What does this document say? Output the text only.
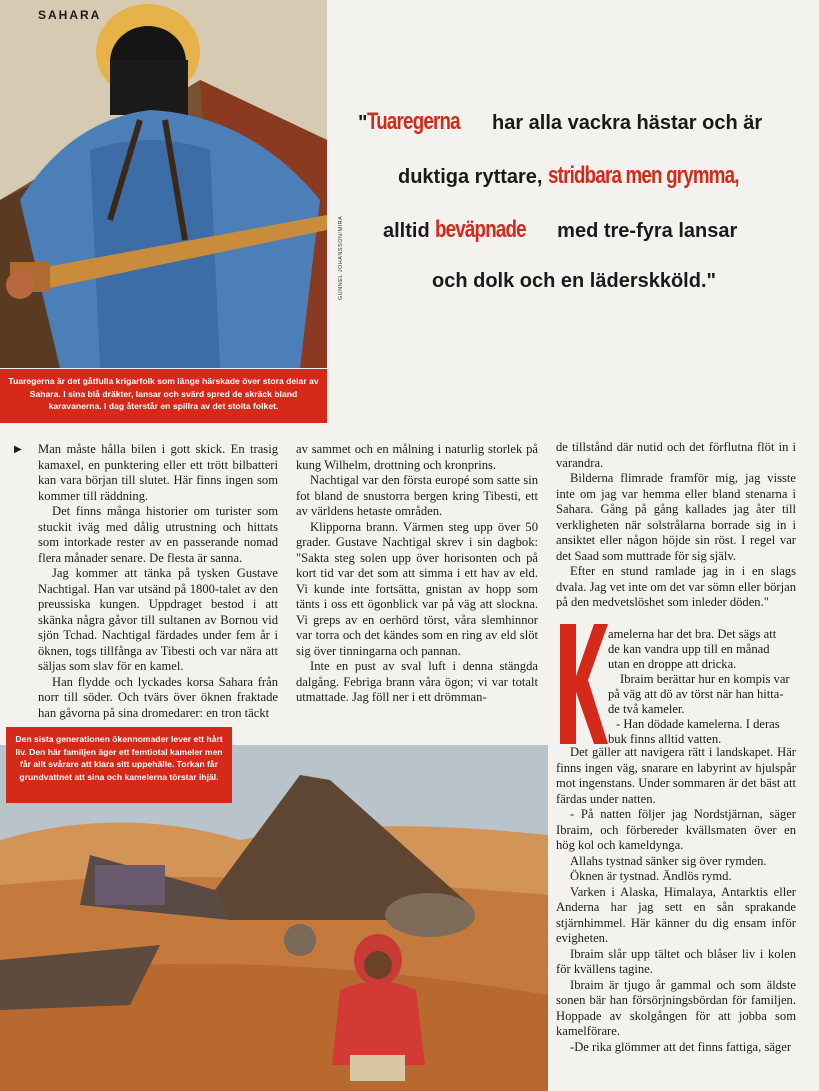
SAHARA
GUNNEL JOHANSSON/MIRA
Tuaregerna är det gåtfulla krigarfolk som länge härskade över stora delar av Sahara. I sina blå dräkter, lansar och svärd spred de skräck bland karavanerna. I dag återstår en spillra av det stolta folket.
"Tuaregerna har alla vackra hästar och är
duktiga ryttare, stridbara men grymma,
alltid beväpnade med tre-fyra lansar
och dolk och en läderskköld."
▶ Man måste hålla bilen i gott skick. En trasig kamaxel, en punktering eller ett trött bilbatteri kan vara början till slutet. Här finns ingen som kommer till räddning.

Det finns många historier om turister som stuckit iväg med dålig utrustning och hittats som intorkade rester av en passerande nomad flera månader senare. De flesta är sanna.

Jag kommer att tänka på tysken Gustave Nachtigal. Han var utsänd på 1800-talet av den preussiska kungen. Uppdraget bestod i att skänka några gåvor till sultanen av Bornou vid sjön Tchad. Nachtigal färdades under fem år i öknen, togs tillfånga av Tibesti och var nära att säljas som slav för en kamel.

Han flydde och lyckades korsa Sahara från norr till söder. Och tvärs över öknen fraktade han gåvorna på sina dromedarer: en tron täckt

av sammet och en målning i naturlig storlek på kung Wilhelm, drottning och kronprins.

Nachtigal var den första europé som satte sin fot bland de snustorra bergen kring Tibesti, ett av världens hetaste områden.

Klipporna brann. Värmen steg upp över 50 grader. Gustave Nachtigal skrev i sin dagbok: "Sakta steg solen upp över horisonten och på kort tid var det som att simma i ett hav av eld. Vi kunde inte fortsätta, gnistan av hopp som tänts i oss ett ögonblick var på väg att slockna. Vi greps av en oerhörd törst, våra slemhinnor var torra och det kändes som en ring av eld slöt sig över tinningarna och pannan.

Inte en pust av sval luft i denna stängda dalgång. Febriga brann våra ögon; vi var totalt utmattade. Jag föll ner i ett drömman-

de tillstånd där nutid och det förflutna flöt in i varandra.

Bilderna flimrade framför mig, jag visste inte om jag var hemma eller bland stenarna i Sahara. Gång på gång kallades jag åter till verkligheten när solstrålarna borrade sig in i ansiktet eller någon höjde sin röst. I regel var det Saad som muttrade för sig själv.

Efter en stund ramlade jag in i en slags dvala. Jag vet inte om det var sömn eller början på den medvetslöshet som inleder döden."

amelerna har det bra. Det sägs att
de kan vandra upp till en månad
utan en droppe att dricka.
Ibraim berättar hur en kompis var
på väg att dö av törst när han hitta-
de två kameler.
- Han dödade kamelerna. I deras
buk finns alltid vatten.

Det gäller att navigera rätt i landskapet. Här finns ingen väg, snarare en labyrint av hjulspår mot ingenstans. Under sommaren är det bäst att färdas under natten.

- På natten följer jag Nordstjärnan, säger Ibraim, och förbereder kvällsmaten över en hög kol och kameldynga.

Allahs tystnad sänker sig över rymden.

Öknen är tystnad. Ändlös rymd.

Varken i Alaska, Himalaya, Antarktis eller Anderna har jag sett en sån sprakande stjärnhimmel. Här känner du dig ensam inför evigheten.

Ibraim slår upp tältet och blåser liv i kolen för kvällens tagine.

Ibraim är tjugo år gammal och som äldste sonen bär han försörjningsbördan för familjen. Hoppade av skolgången för att jobba som kamelförare.

-De rika glömmer att det finns fattiga, säger

Den sista generationen ökennomader lever ett hårt liv. Den här familjen äger ett femtiotal kameler men får allt svårare att klara sitt uppehälle. Torkan får grundvattnet att sina och kamelerna törstar ihjäl.
